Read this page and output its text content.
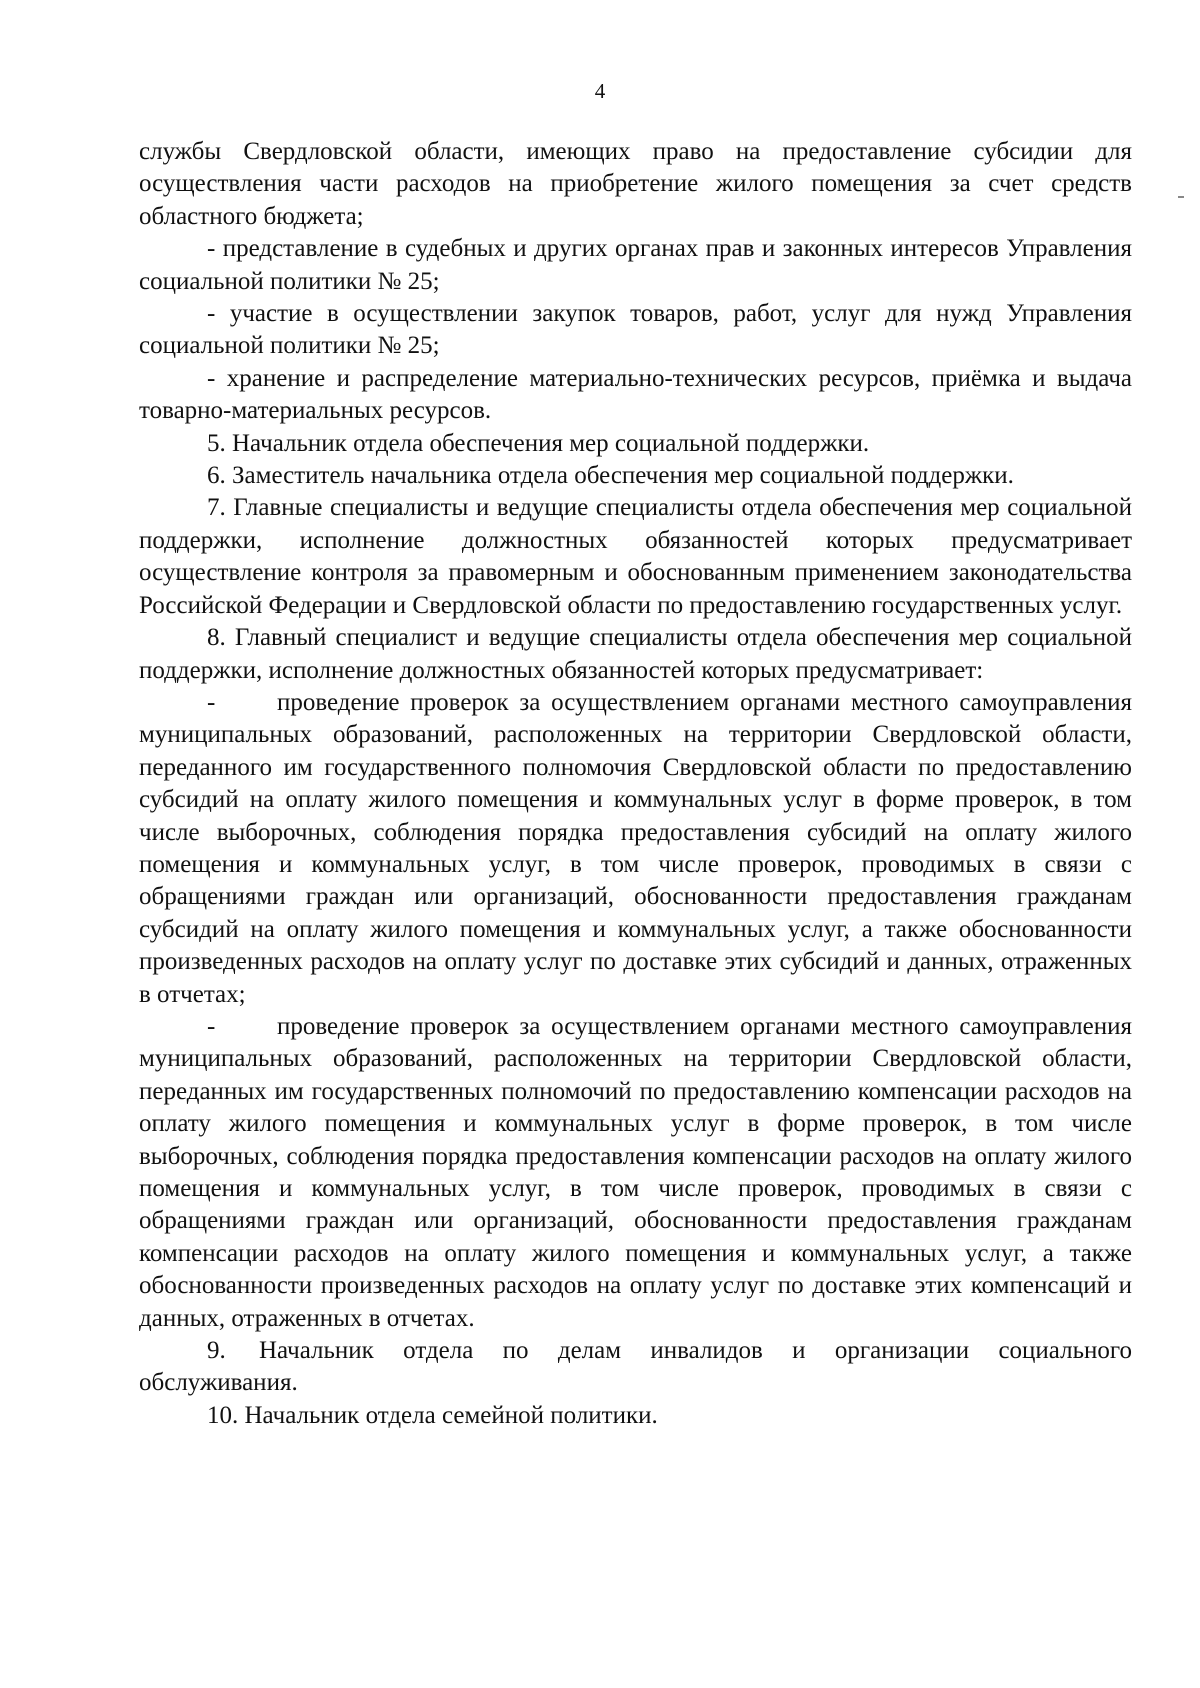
4

службы Свердловской области, имеющих право на предоставление субсидии для осуществления части расходов на приобретение жилого помещения за счет средств областного бюджета;

- представление в судебных и других органах прав и законных интересов Управления социальной политики № 25;

- участие в осуществлении закупок товаров, работ, услуг для нужд Управления социальной политики № 25;

- хранение и распределение материально-технических ресурсов, приёмка и выдача товарно-материальных ресурсов.

5. Начальник отдела обеспечения мер социальной поддержки.

6. Заместитель начальника отдела обеспечения мер социальной поддержки.

7. Главные специалисты и ведущие специалисты отдела обеспечения мер социальной поддержки, исполнение должностных обязанностей которых предусматривает осуществление контроля за правомерным и обоснованным применением законодательства Российской Федерации и Свердловской области по предоставлению государственных услуг.

8. Главный специалист и ведущие специалисты отдела обеспечения мер социальной поддержки, исполнение должностных обязанностей которых предусматривает:

- проведение проверок за осуществлением органами местного самоуправления муниципальных образований, расположенных на территории Свердловской области, переданного им государственного полномочия Свердловской области по предоставлению субсидий на оплату жилого помещения и коммунальных услуг в форме проверок, в том числе выборочных, соблюдения порядка предоставления субсидий на оплату жилого помещения и коммунальных услуг, в том числе проверок, проводимых в связи с обращениями граждан или организаций, обоснованности предоставления гражданам субсидий на оплату жилого помещения и коммунальных услуг, а также обоснованности произведенных расходов на оплату услуг по доставке этих субсидий и данных, отраженных в отчетах;

- проведение проверок за осуществлением органами местного самоуправления муниципальных образований, расположенных на территории Свердловской области, переданных им государственных полномочий по предоставлению компенсации расходов на оплату жилого помещения и коммунальных услуг в форме проверок, в том числе выборочных, соблюдения порядка предоставления компенсации расходов на оплату жилого помещения и коммунальных услуг, в том числе проверок, проводимых в связи с обращениями граждан или организаций, обоснованности предоставления гражданам компенсации расходов на оплату жилого помещения и коммунальных услуг, а также обоснованности произведенных расходов на оплату услуг по доставке этих компенсаций и данных, отраженных в отчетах.

9. Начальник отдела по делам инвалидов и организации социального обслуживания.

10. Начальник отдела семейной политики.
